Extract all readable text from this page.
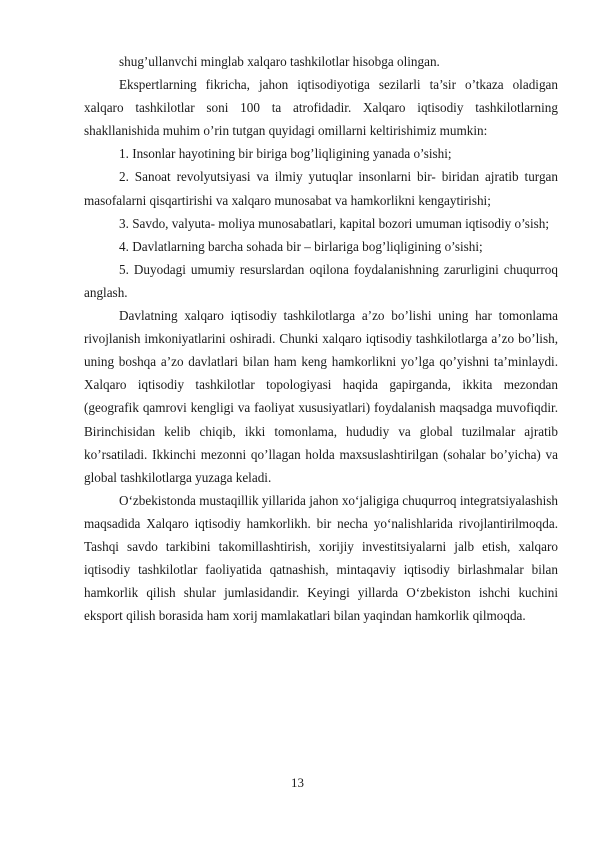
shug’ullanvchi minglab xalqaro tashkilotlar hisobga olingan.

Ekspertlarning fikricha, jahon iqtisodiyotiga sezilarli ta’sir o’tkaza oladigan xalqaro tashkilotlar soni 100 ta atrofidadir. Xalqaro iqtisodiy tashkilotlarning shakllanishida muhim o’rin tutgan quyidagi omillarni keltirishimiz mumkin:

1. Insonlar hayotining bir biriga bog’liqligining yanada o’sishi;

2. Sanoat revolyutsiyasi va ilmiy yutuqlar insonlarni bir- biridan ajratib turgan masofalarni qisqartirishi va xalqaro munosabat va hamkorlikni kengaytirishi;

3. Savdo, valyuta- moliya munosabatlari, kapital bozori umuman iqtisodiy o’sish;

4. Davlatlarning barcha sohada bir – birlariga bog’liqligining o’sishi;

5. Duyodagi umumiy resurslardan oqilona foydalanishning zarurligini chuqurroq anglash.

Davlatning xalqaro iqtisodiy tashkilotlarga a’zo bo’lishi uning har tomonlama rivojlanish imkoniyatlarini oshiradi. Chunki xalqaro iqtisodiy tashkilotlarga a’zo bo’lish, uning boshqa a’zo davlatlari bilan ham keng hamkorlikni yo’lga qo’yishni ta’minlaydi. Xalqaro iqtisodiy tashkilotlar topologiyasi haqida gapirganda, ikkita mezondan (geografik qamrovi kengligi va faoliyat xususiyatlari) foydalanish maqsadga muvofiqdir. Birinchisidan kelib chiqib, ikki tomonlama, hududiy va global tuzilmalar ajratib ko’rsatiladi. Ikkinchi mezonni qo’llagan holda maxsuslashtirilgan (sohalar bo’yicha) va global tashkilotlarga yuzaga keladi.

O‘zbekistonda mustaqillik yillarida jahon xo‘jaligiga chuqurroq integratsiyalashish maqsadida Xalqaro iqtisodiy hamkorlikh. bir necha yo‘nalishlarida rivojlantirilmoqda. Tashqi savdo tarkibini takomillashtirish, xorijiy investitsiyalarni jalb etish, xalqaro iqtisodiy tashkilotlar faoliyatida qatnashish, mintaqaviy iqtisodiy birlashmalar bilan hamkorlik qilish shular jumlasidandir. Keyingi yillarda O‘zbekiston ishchi kuchini eksport qilish borasida ham xorij mamlakatlari bilan yaqindan hamkorlik qilmoqda.

13
